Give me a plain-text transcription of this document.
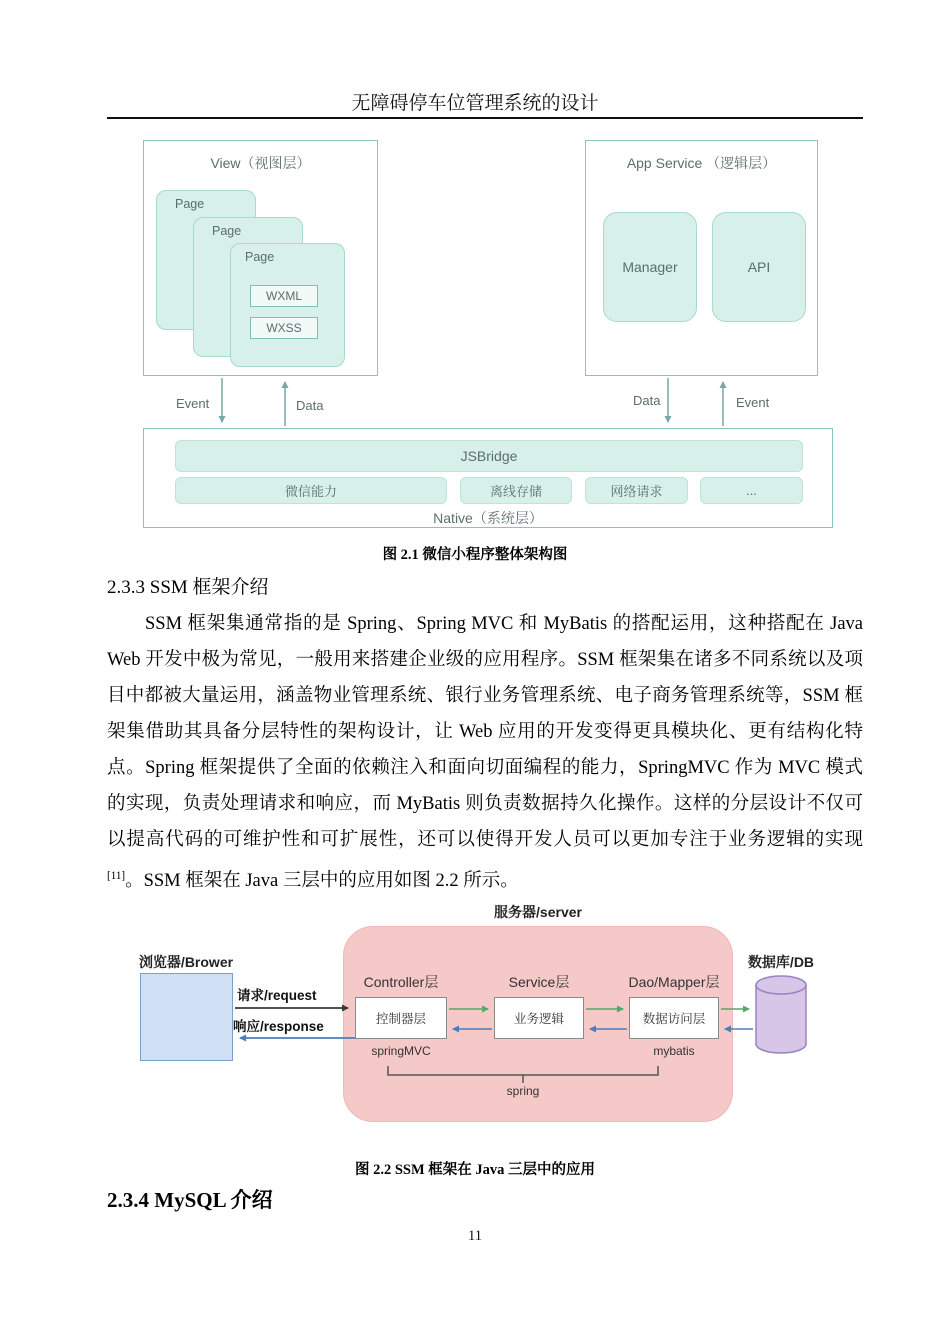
无障碍停车位管理系统的设计
View（视图层）
Page
Page
Page
WXML
WXSS
App Service （逻辑层）
Manager	API
Event	Data	Data	Event
JSBridge
微信能力	离线存储	网络请求	...
Native（系统层）
图 2.1 微信小程序整体架构图
2.3.3 SSM 框架介绍

SSM 框架集通常指的是 Spring、Spring MVC 和 MyBatis 的搭配运用，这种搭配在 Java Web 开发中极为常见，一般用来搭建企业级的应用程序。SSM 框架集在诸多不同系统以及项目中都被大量运用，涵盖物业管理系统、银行业务管理系统、电子商务管理系统等，SSM 框架集借助其具备分层特性的架构设计，让 Web 应用的开发变得更具模块化、更有结构化特点。Spring 框架提供了全面的依赖注入和面向切面编程的能力，SpringMVC 作为 MVC 模式的实现，负责处理请求和响应，而 MyBatis 则负责数据持久化操作。这样的分层设计不仅可以提高代码的可维护性和可扩展性，还可以使得开发人员可以更加专注于业务逻辑的实现[11]。SSM 框架在 Java 三层中的应用如图 2.2 所示。

服务器/server
浏览器/Brower
请求/request
响应/response
Controller层	Service层	Dao/Mapper层
控制器层	业务逻辑	数据访问层
springMVC	mybatis
spring
数据库/DB
图 2.2 SSM 框架在 Java 三层中的应用
2.3.4 MySQL 介绍
11
